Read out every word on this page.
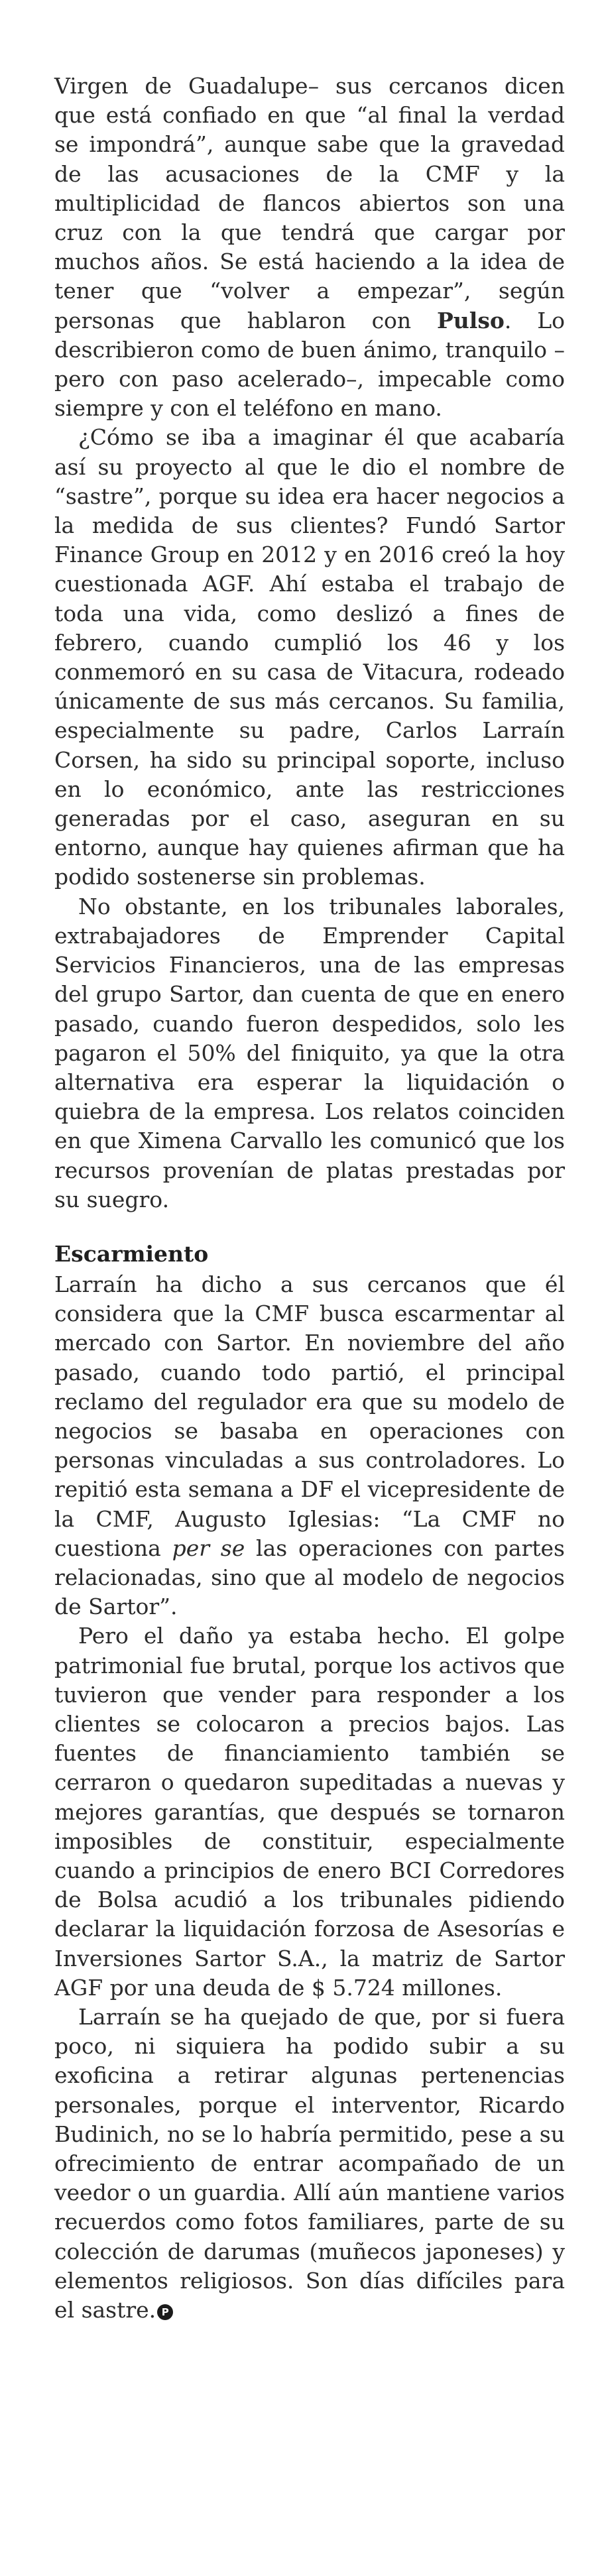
Virgen de Guadalupe– sus cercanos dicen que está confiado en que “al final la verdad se impondrá”, aunque sabe que la gravedad de las acusaciones de la CMF y la multiplicidad de flancos abiertos son una cruz con la que tendrá que cargar por muchos años. Se está haciendo a la idea de tener que “volver a empezar”, según personas que hablaron con Pulso. Lo describieron como de buen ánimo, tranquilo –pero con paso acelerado–, impecable como siempre y con el teléfono en mano.

¿Cómo se iba a imaginar él que acabaría así su proyecto al que le dio el nombre de “sastre”, porque su idea era hacer negocios a la medida de sus clientes? Fundó Sartor Finance Group en 2012 y en 2016 creó la hoy cuestionada AGF. Ahí estaba el trabajo de toda una vida, como deslizó a fines de febrero, cuando cumplió los 46 y los conmemoró en su casa de Vitacura, rodeado únicamente de sus más cercanos. Su familia, especialmente su padre, Carlos Larraín Corsen, ha sido su principal soporte, incluso en lo económico, ante las restricciones generadas por el caso, aseguran en su entorno, aunque hay quienes afirman que ha podido sostenerse sin problemas.

No obstante, en los tribunales laborales, extrabajadores de Emprender Capital Servicios Financieros, una de las empresas del grupo Sartor, dan cuenta de que en enero pasado, cuando fueron despedidos, solo les pagaron el 50% del finiquito, ya que la otra alternativa era esperar la liquidación o quiebra de la empresa. Los relatos coinciden en que Ximena Carvallo les comunicó que los recursos provenían de platas prestadas por su suegro.

Escarmiento

Larraín ha dicho a sus cercanos que él considera que la CMF busca escarmentar al mercado con Sartor. En noviembre del año pasado, cuando todo partió, el principal reclamo del regulador era que su modelo de negocios se basaba en operaciones con personas vinculadas a sus controladores. Lo repitió esta semana a DF el vicepresidente de la CMF, Augusto Iglesias: “La CMF no cuestiona per se las operaciones con partes relacionadas, sino que al modelo de negocios de Sartor”.

Pero el daño ya estaba hecho. El golpe patrimonial fue brutal, porque los activos que tuvieron que vender para responder a los clientes se colocaron a precios bajos. Las fuentes de financiamiento también se cerraron o quedaron supeditadas a nuevas y mejores garantías, que después se tornaron imposibles de constituir, especialmente cuando a principios de enero BCI Corredores de Bolsa acudió a los tribunales pidiendo declarar la liquidación forzosa de Asesorías e Inversiones Sartor S.A., la matriz de Sartor AGF por una deuda de $ 5.724 millones.

Larraín se ha quejado de que, por si fuera poco, ni siquiera ha podido subir a su exoficina a retirar algunas pertenencias personales, porque el interventor, Ricardo Budinich, no se lo habría permitido, pese a su ofrecimiento de entrar acompañado de un veedor o un guardia. Allí aún mantiene varios recuerdos como fotos familiares, parte de su colección de darumas (muñecos japoneses) y elementos religiosos. Son días difíciles para el sastre. P
